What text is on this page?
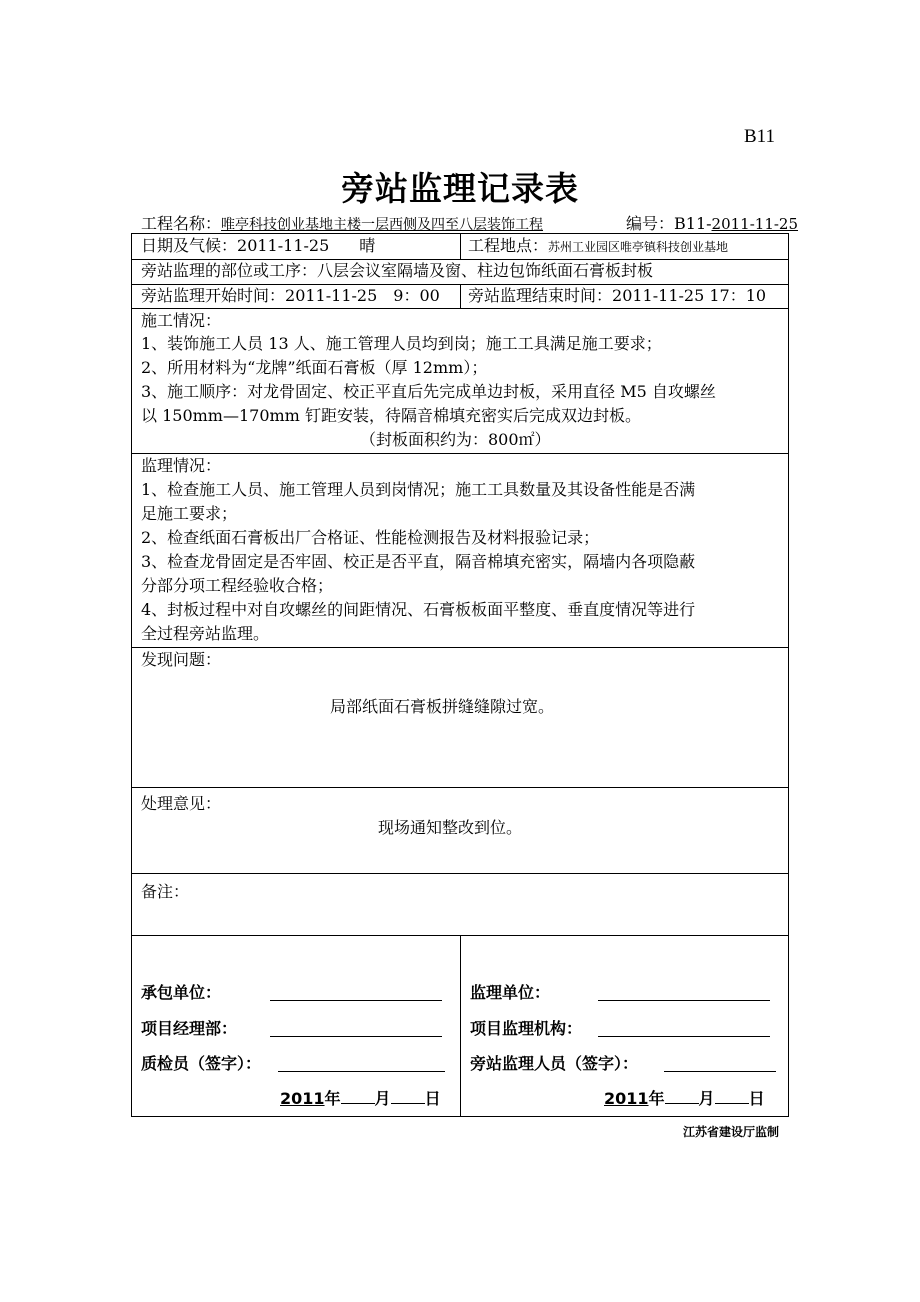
B11
旁站监理记录表
工程名称：唯亭科技创业基地主楼一层西侧及四至八层装饰工程	编号：B11-2011-11-25
日期及气候：2011-11-25 晴	工程地点：苏州工业园区唯亭镇科技创业基地
旁站监理的部位或工序：八层会议室隔墙及窗、柱边包饰纸面石膏板封板
旁站监理开始时间：2011-11-25　9：00 旁站监理结束时间：2011-11-25 17：10
施工情况：
1、装饰施工人员 13 人、施工管理人员均到岗；施工工具满足施工要求；
2、所用材料为“龙牌”纸面石膏板（厚 12mm）；
3、施工顺序：对龙骨固定、校正平直后先完成单边封板，采用直径 M5 自攻螺丝
以 150mm—170mm 钉距安装，待隔音棉填充密实后完成双边封板。
（封板面积约为：800㎡）
监理情况：
1、检查施工人员、施工管理人员到岗情况；施工工具数量及其设备性能是否满
足施工要求；
2、检查纸面石膏板出厂合格证、性能检测报告及材料报验记录；
3、检查龙骨固定是否牢固、校正是否平直，隔音棉填充密实，隔墙内各项隐蔽
分部分项工程经验收合格；
4、封板过程中对自攻螺丝的间距情况、石膏板板面平整度、垂直度情况等进行
全过程旁站监理。
发现问题：
局部纸面石膏板拼缝缝隙过宽。
处理意见：
现场通知整改到位。
备注：
承包单位：
项目经理部：
质检员（签字）：
2011年 月 日
监理单位：
项目监理机构：
旁站监理人员（签字）：
2011年 月 日
江苏省建设厅监制
